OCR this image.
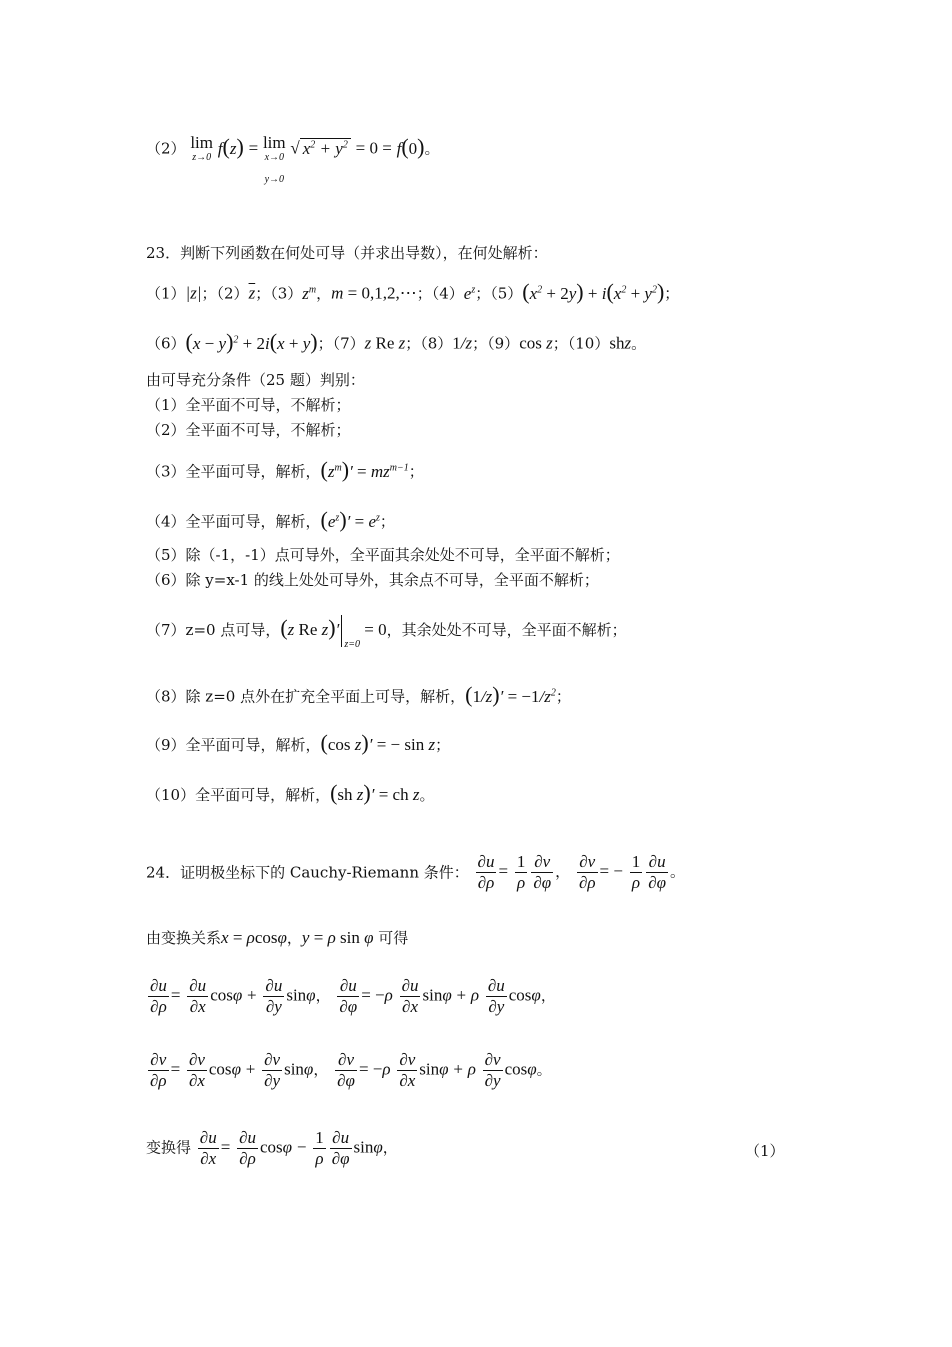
（2） lim
z→0 f(z) = lim
x→0
y→0
√ $x^2 + y^2 = 0 = f(0)$。
23．判断下列函数在何处可导（并求出导数），在何处解析：
（1）|z|；$(2)\overline{z}$；$(3)z^m$，m = 0,1,2,⋯；$(4)e^z$；$(5)(x^2 + 2y) + i(x^2 + y^2)$；
$(6)(x - y)^2 + 2i(x + y)$；（7）z Re z；（8）1/z；（9）cos z；（10）shz。
由可导充分条件（25 题）判别：
（1）全平面不可导，不解析；
（2）全平面不可导，不解析；
（3）全平面可导，解析，$(z^m)' = mz^{m-1}$；
（4）全平面可导，解析，$(e^z)' = e^z$；
（5）除（-1，-1）点可导外，全平面其余处处不可导，全平面不解析；
（6）除 y=x-1 的线上处处可导外，其余点不可导，全平面不解析；
（7）z=0 点可导，(z Re $z)'_{z=0} = 0$，其余处处不可导，全平面不解析；
（8）除 z=0 点外在扩充全平面上可导，解析，$(1/z)' = -1/z^2$；
（9）全平面可导，解析，(cos z)′ = − sin z；
（10）全平面可导，解析，(sh z)′ = ch z。
24．证明极坐标下的 Cauchy-Riemann 条件： $\frac{\partial u}{\partial\rho} = \frac{1}{\rho} \frac{\partial v}{\partial\varphi}$ ， $\frac{\partial v}{\partial\rho}$ = − $\frac{1}{\rho} \frac{\partial u}{\partial\varphi}$ 。
由变换关系x = ρcosφ，y = ρ sin φ 可得
$\frac{\partial u}{\partial\rho} = \frac{\partial u}{\partial x}$ $\cos\varphi + \frac{\partial u}{\partial y}$ sinφ， $\frac{\partial u}{\partial\varphi} = -\rho \frac{\partial u}{\partial x}$ sinφ + ρ $\frac{\partial u}{\partial y}$ cosφ，
$\frac{\partial v}{\partial\rho} = \frac{\partial v}{\partial x}$ $\cos\varphi + \frac{\partial v}{\partial y}$ sinφ， $\frac{\partial v}{\partial\varphi} = -\rho \frac{\partial v}{\partial x}$ sinφ + ρ $\frac{\partial v}{\partial y}$ cosφ。
变换得 $\frac{\partial u}{\partial x} = \frac{\partial u}{\partial\rho}$ $\cos\varphi - \frac{1}{\rho} \frac{\partial u}{\partial\varphi}$ sinφ，	（1）
